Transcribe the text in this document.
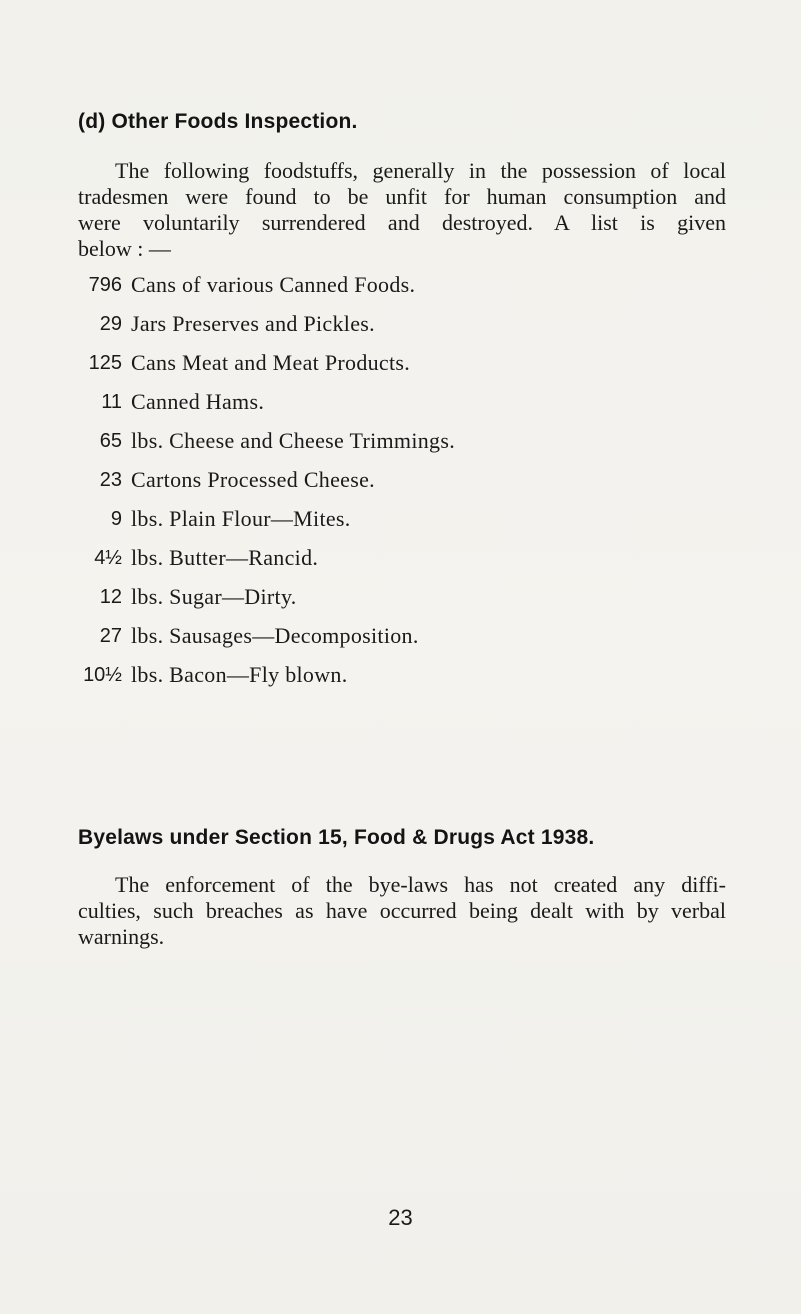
(d) Other Foods Inspection.
The following foodstuffs, generally in the possession of local
tradesmen were found to be unfit for human consumption and
were voluntarily surrendered and destroyed. A list is given
below : —
796 Cans of various Canned Foods.
29 Jars Preserves and Pickles.
125 Cans Meat and Meat Products.
11 Canned Hams.
65 lbs. Cheese and Cheese Trimmings.
23 Cartons Processed Cheese.
9 lbs. Plain Flour—Mites.
4½ lbs. Butter—Rancid.
12 lbs. Sugar—Dirty.
27 lbs. Sausages—Decomposition.
10½ lbs. Bacon—Fly blown.
Byelaws under Section 15, Food & Drugs Act 1938.
The enforcement of the bye-laws has not created any diffi-
culties, such breaches as have occurred being dealt with by verbal
warnings.
23
